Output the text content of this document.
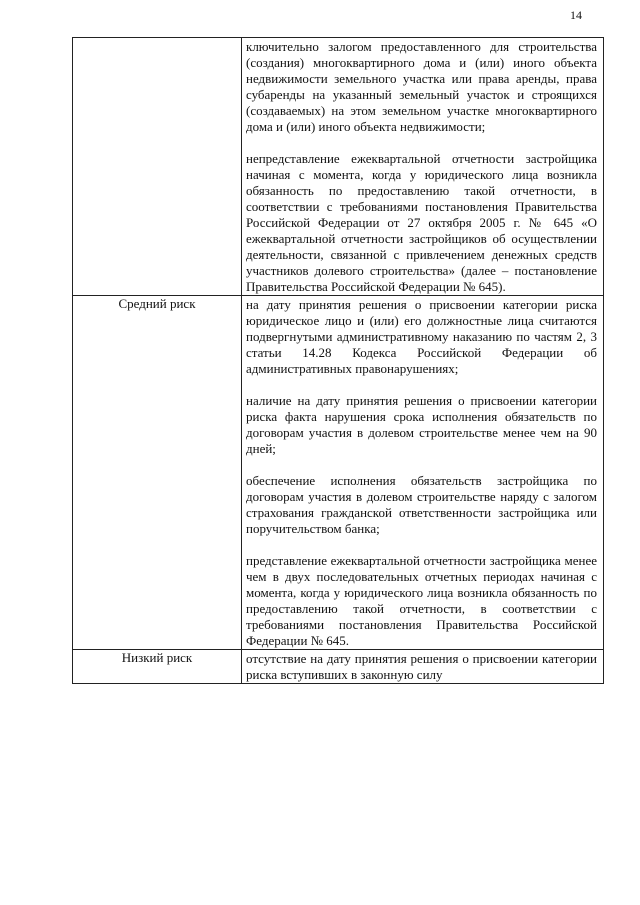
14

	ключительно залогом предоставленного для строительства (создания) многоквартирного дома и (или) иного объекта недвижимости земельного участка или права аренды, права субаренды на указанный земельный участок и строящихся (создаваемых) на этом земельном участке многоквартирного дома и (или) иного объекта недвижимости;

непредставление ежеквартальной отчетности застройщика начиная с момента, когда у юридического лица возникла обязанность по предоставлению такой отчетности, в соответствии с требованиями постановления Правительства Российской Федерации от 27 октября 2005 г. № 645 «О ежеквартальной отчетности застройщиков об осуществлении деятельности, связанной с привлечением денежных средств участников долевого строительства» (далее – постановление Правительства Российской Федерации № 645).

Средний риск	на дату принятия решения о присвоении категории риска юридическое лицо и (или) его должностные лица считаются подвергнутыми административному наказанию по частям 2, 3 статьи 14.28 Кодекса Российской Федерации об административных правонарушениях;

наличие на дату принятия решения о присвоении категории риска факта нарушения срока исполнения обязательств по договорам участия в долевом строительстве менее чем на 90 дней;

обеспечение исполнения обязательств застройщика по договорам участия в долевом строительстве наряду с залогом страхования гражданской ответственности застройщика или поручительством банка;

представление ежеквартальной отчетности застройщика менее чем в двух последовательных отчетных периодах начиная с момента, когда у юридического лица возникла обязанность по предоставлению такой отчетности, в соответствии с требованиями постановления Правительства Российской Федерации № 645.

Низкий риск	отсутствие на дату принятия решения о присвоении категории риска вступивших в законную силу
